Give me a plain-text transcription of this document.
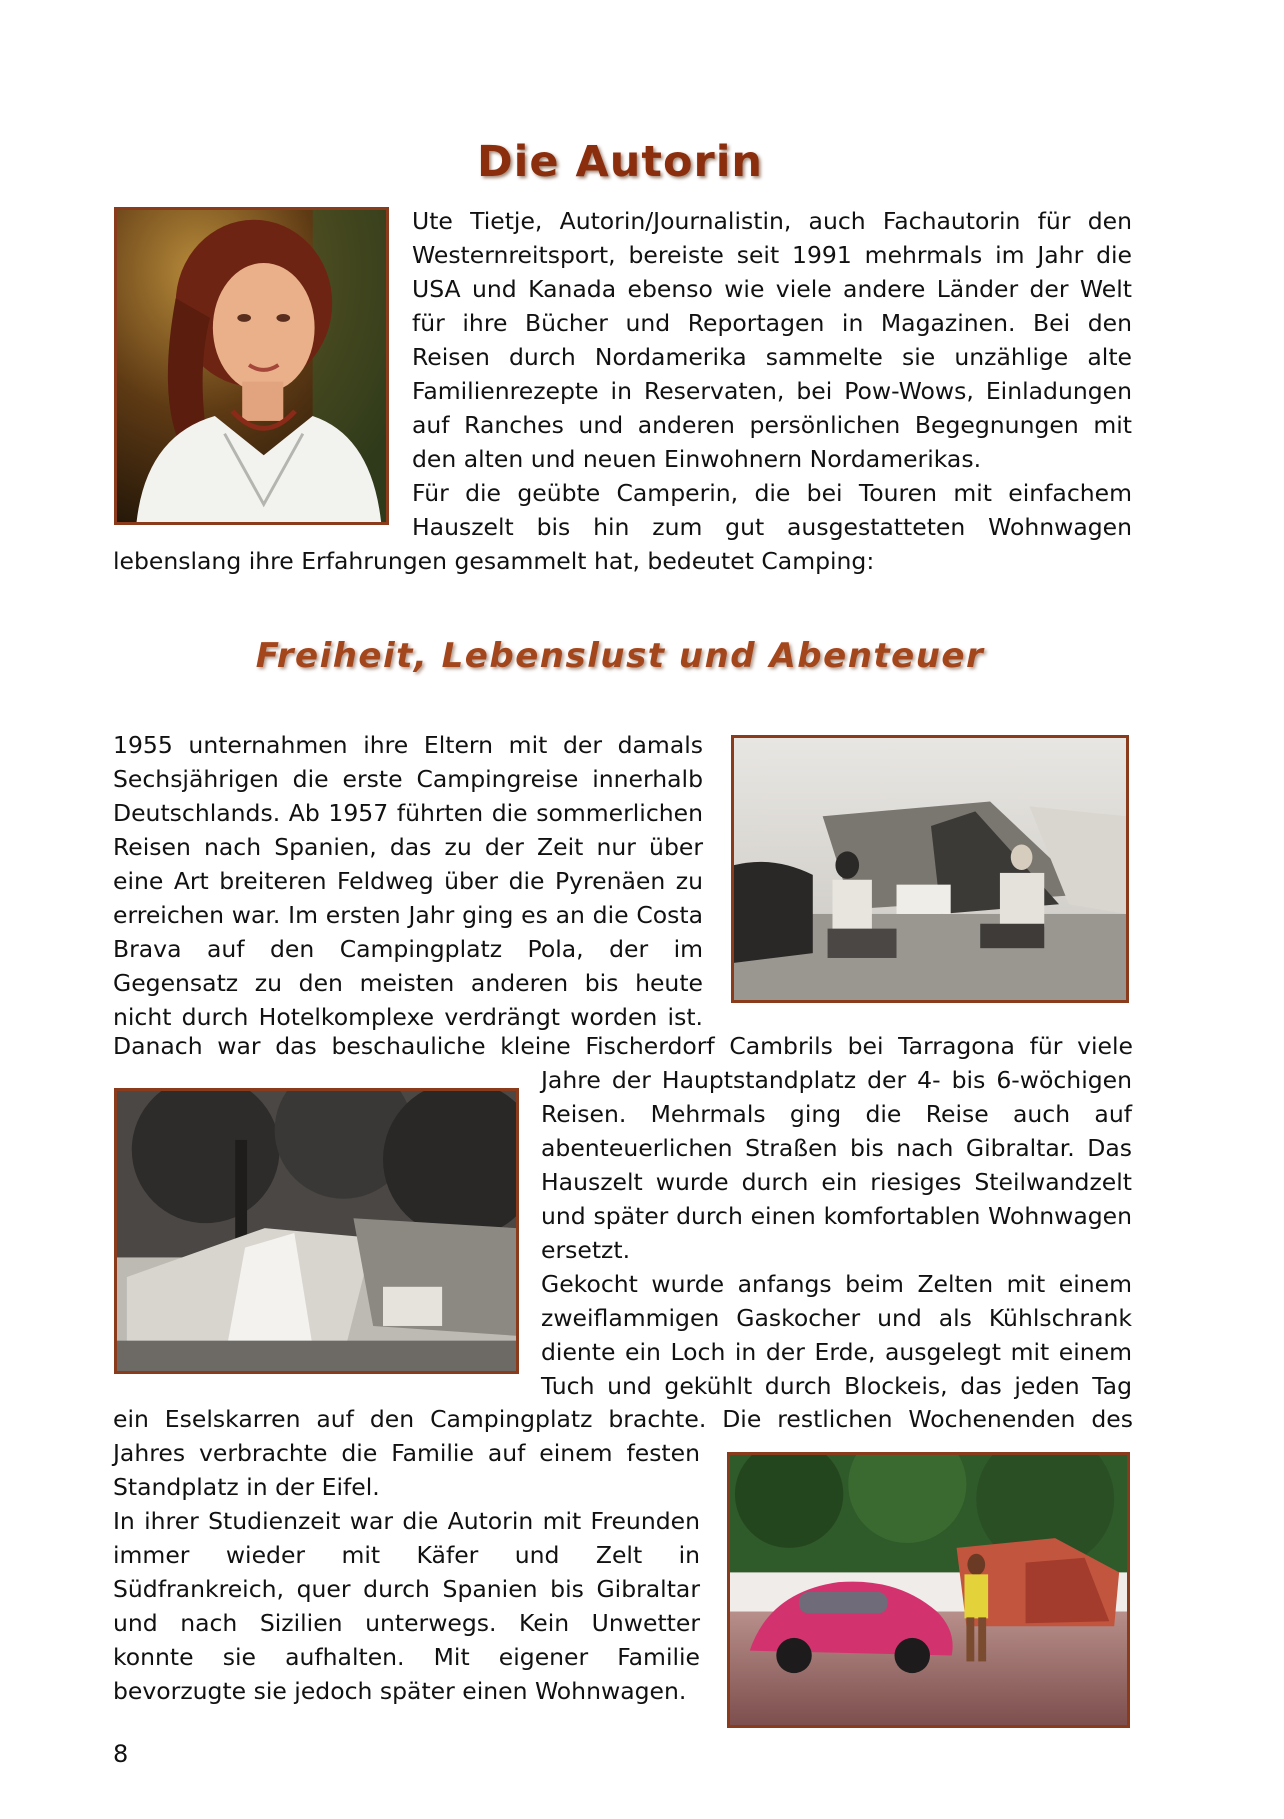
Die Autorin

Ute Tietje, Autorin/Journalistin, auch Fachautorin für den Westernreitsport, bereiste seit 1991 mehrmals im Jahr die USA und Kanada ebenso wie viele andere Länder der Welt für ihre Bücher und Reportagen in Magazinen. Bei den Reisen durch Nordamerika sammelte sie unzählige alte Familienrezepte in Reservaten, bei Pow-Wows, Einladungen auf Ranches und anderen persönlichen Begegnungen mit den alten und neuen Einwohnern Nordamerikas.

Für die geübte Camperin, die bei Touren mit einfachem Hauszelt bis hin zum gut ausgestatteten Wohnwagen

lebenslang ihre Erfahrungen gesammelt hat, bedeutet Camping:

Freiheit, Lebenslust und Abenteuer

1955 unternahmen ihre Eltern mit der damals Sechsjährigen die erste Campingreise innerhalb Deutschlands. Ab 1957 führten die sommerlichen Reisen nach Spanien, das zu der Zeit nur über eine Art breiteren Feldweg über die Pyrenäen zu erreichen war. Im ersten Jahr ging es an die Costa Brava auf den Campingplatz Pola, der im Gegensatz zu den meisten anderen bis heute nicht durch Hotelkomplexe verdrängt worden ist.

Danach war das beschauliche kleine Fischerdorf Cambrils bei Tarragona für viele

Jahre der Hauptstandplatz der 4- bis 6-wöchigen Reisen. Mehrmals ging die Reise auch auf abenteuerlichen Straßen bis nach Gibraltar. Das Hauszelt wurde durch ein riesiges Steilwandzelt und später durch einen komfortablen Wohnwagen ersetzt.

Gekocht wurde anfangs beim Zelten mit einem zweiflammigen Gaskocher und als Kühlschrank diente ein Loch in der Erde, ausgelegt mit einem Tuch und gekühlt durch Blockeis, das jeden Tag

ein Eselskarren auf den Campingplatz brachte. Die restlichen Wochenenden des

Jahres verbrachte die Familie auf einem festen Standplatz in der Eifel.

In ihrer Studienzeit war die Autorin mit Freunden immer wieder mit Käfer und Zelt in Südfrankreich, quer durch Spanien bis Gibraltar und nach Sizilien unterwegs. Kein Unwetter konnte sie aufhalten. Mit eigener Familie bevorzugte sie jedoch später einen Wohnwagen.

8
